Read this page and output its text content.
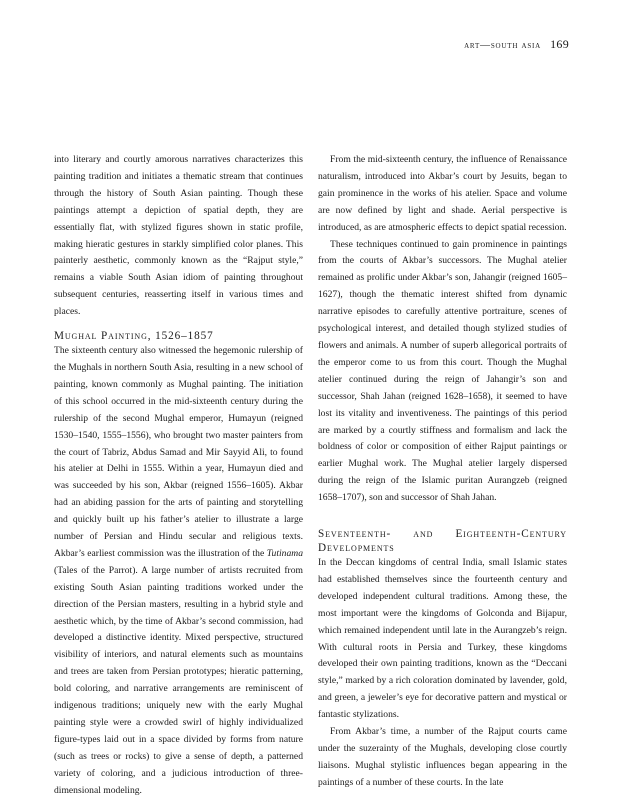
art—south asia 169

into literary and courtly amorous narratives characterizes this painting tradition and initiates a thematic stream that continues through the history of South Asian painting. Though these paintings attempt a depiction of spatial depth, they are essentially flat, with stylized figures shown in static profile, making hieratic gestures in starkly simplified color planes. This painterly aesthetic, commonly known as the “Rajput style,” remains a viable South Asian idiom of painting throughout subsequent centuries, reasserting itself in various times and places.

Mughal Painting, 1526–1857

The sixteenth century also witnessed the hegemonic rulership of the Mughals in northern South Asia, resulting in a new school of painting, known commonly as Mughal painting. The initiation of this school occurred in the mid-sixteenth century during the rulership of the second Mughal emperor, Humayun (reigned 1530–1540, 1555–1556), who brought two master painters from the court of Tabriz, Abdus Samad and Mir Sayyid Ali, to found his atelier at Delhi in 1555. Within a year, Humayun died and was succeeded by his son, Akbar (reigned 1556–1605). Akbar had an abiding passion for the arts of painting and storytelling and quickly built up his father’s atelier to illustrate a large number of Persian and Hindu secular and religious texts. Akbar’s earliest commission was the illustration of the Tutinama (Tales of the Parrot). A large number of artists recruited from existing South Asian painting traditions worked under the direction of the Persian masters, resulting in a hybrid style and aesthetic which, by the time of Akbar’s second commission, had developed a distinctive identity. Mixed perspective, structured visibility of interiors, and natural elements such as mountains and trees are taken from Persian prototypes; hieratic patterning, bold coloring, and narrative arrangements are reminiscent of indigenous traditions; uniquely new with the early Mughal painting style were a crowded swirl of highly individualized figure-types laid out in a space divided by forms from nature (such as trees or rocks) to give a sense of depth, a patterned variety of coloring, and a judicious introduction of three-dimensional modeling.

From the mid-sixteenth century, the influence of Renaissance naturalism, introduced into Akbar’s court by Jesuits, began to gain prominence in the works of his atelier. Space and volume are now defined by light and shade. Aerial perspective is introduced, as are atmospheric effects to depict spatial recession.

These techniques continued to gain prominence in paintings from the courts of Akbar’s successors. The Mughal atelier remained as prolific under Akbar’s son, Jahangir (reigned 1605–1627), though the thematic interest shifted from dynamic narrative episodes to carefully attentive portraiture, scenes of psychological interest, and detailed though stylized studies of flowers and animals. A number of superb allegorical portraits of the emperor come to us from this court. Though the Mughal atelier continued during the reign of Jahangir’s son and successor, Shah Jahan (reigned 1628–1658), it seemed to have lost its vitality and inventiveness. The paintings of this period are marked by a courtly stiffness and formalism and lack the boldness of color or composition of either Rajput paintings or earlier Mughal work. The Mughal atelier largely dispersed during the reign of the Islamic puritan Aurangzeb (reigned 1658–1707), son and successor of Shah Jahan.

Seventeenth- and Eighteenth-Century Developments

In the Deccan kingdoms of central India, small Islamic states had established themselves since the fourteenth century and developed independent cultural traditions. Among these, the most important were the kingdoms of Golconda and Bijapur, which remained independent until late in the Aurangzeb’s reign. With cultural roots in Persia and Turkey, these kingdoms developed their own painting traditions, known as the “Deccani style,” marked by a rich coloration dominated by lavender, gold, and green, a jeweler’s eye for decorative pattern and mystical or fantastic stylizations.

From Akbar’s time, a number of the Rajput courts came under the suzerainty of the Mughals, developing close courtly liaisons. Mughal stylistic influences began appearing in the paintings of a number of these courts. In the late
